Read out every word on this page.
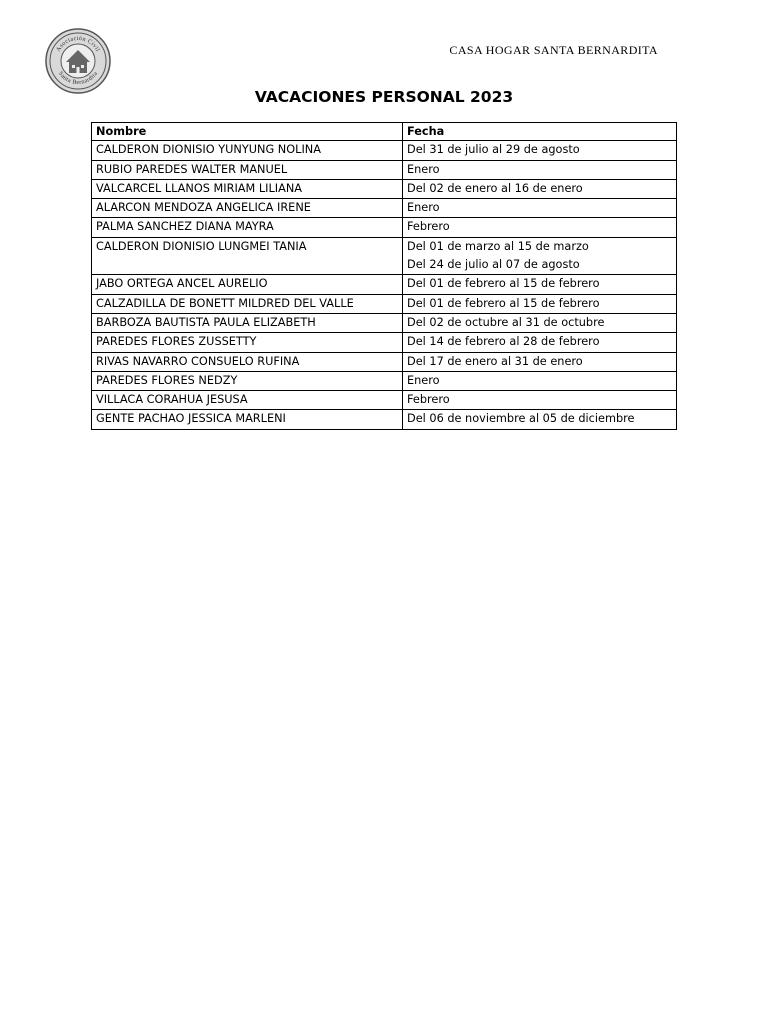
Asociación Civil
Santa Bernardita
CASA HOGAR SANTA BERNARDITA
VACACIONES PERSONAL 2023
Nombre	Fecha
CALDERON DIONISIO YUNYUNG NOLINA	Del 31 de julio al 29 de agosto

RUBIO PAREDES WALTER MANUEL	Enero

VALCARCEL LLANOS MIRIAM LILIANA	Del 02 de enero al 16 de enero

ALARCON MENDOZA ANGELICA IRENE	Enero

PALMA SANCHEZ DIANA MAYRA	Febrero

CALDERON DIONISIO LUNGMEI TANIA	Del 01 de marzo al 15 de marzo
Del 24 de julio al 07 de agosto

JABO ORTEGA ANCEL AURELIO	Del 01 de febrero al 15 de febrero

CALZADILLA DE BONETT MILDRED DEL VALLE	Del 01 de febrero al 15 de febrero

BARBOZA BAUTISTA PAULA ELIZABETH	Del 02 de octubre al 31 de octubre

PAREDES FLORES ZUSSETTY	Del 14 de febrero al 28 de febrero

RIVAS NAVARRO CONSUELO RUFINA	Del 17 de enero al 31 de enero

PAREDES FLORES NEDZY	Enero

VILLACA CORAHUA JESUSA	Febrero

GENTE PACHAO JESSICA MARLENI	Del 06 de noviembre al 05 de diciembre
